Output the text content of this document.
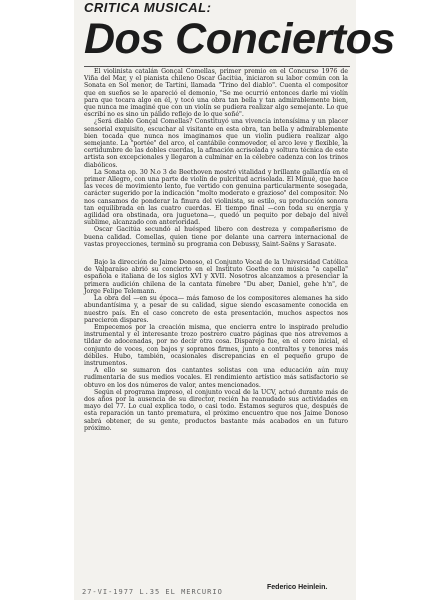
CRITICA MUSICAL:
Dos Conciertos

El violinista catalán Gonçal Comellas, primer premio en el Concurso 1976 de Viña del Mar, y el pianista chileno Oscar Gacitúa, iniciaron su labor común con la Sonata en Sol menor, de Tartini, llamada "Trino del diablo". Cuenta el compositor que en sueños se le apareció el demonio, "Se me ocurrió entonces darle mi violín para que tocara algo en él, y tocó una obra tan bella y tan admirablemente bien, que nunca me imaginé que con un violín se pudiera realizar algo semejante. Lo que escribí no es sino un pálido reflejo de lo que soñé".

¿Será diablo Gonçal Comellas? Constituyó una vivencia intensísima y un placer sensorial exquisito, escuchar al visitante en esta obra, tan bella y admirablemente bien tocada que nunca nos imaginamos que un violín pudiera realizar algo semejante. La "portée" del arco, el cantábile conmovedor, el arco leve y flexible, la certidumbre de las dobles cuerdas, la afinación acrisolada y soltura técnica de este artista son excepcionales y llegaron a culminar en la célebre cadenza con los trinos diabólicos.

La Sonata op. 30 N.o 3 de Beethoven mostró vitalidad y brillante gallardía en el primer Allegro, con una parte de violín de pulcritud acrisolada. El Minué, que hace las veces de movimiento lento, fue vertido con genuina particularmente sosegada, carácter sugerido por la indicación "molto moderato e grazioso" del compositor. No nos cansamos de ponderar la finura del violinista, su estilo, su producción sonora tan equilibrada en las cuatro cuerdas. El tiempo final —con toda su energía y agilidad ora obstinada, ora juguetona—, quedó un pequito por debajo del nivel sublime, alcanzado con anterioridad.

Oscar Gacitúa secundó al huésped libero con destreza y compañerismo de buena calidad. Comellas, quien tiene por delante una carrera internacional de vastas proyecciones, terminó su programa con Debussy, Saint-Saëns y Sarasate.

Bajo la dirección de Jaime Donoso, el Conjunto Vocal de la Universidad Católica de Valparaíso abrió su concierto en el Instituto Goethe con música "a capella" española e italiana de los siglos XVI y XVII. Nosotros alcanzamos a presenciar la primera audición chilena de la cantata fúnebre "Du aber, Daniel, gehe h'n", de Jorge Felipe Telemann.

La obra del —en su época— más famoso de los compositores alemanes ha sido abundantísima y, a pesar de su calidad, sigue siendo escasamente conocida en nuestro país. En el caso concreto de esta presentación, muchos aspectos nos parecieron dispares.

Empecemos por la creación misma, que encierra entre lo inspirado preludio instrumental y el interesante trozo postrero cuatro páginas que nos atrevemos a tildar de adocenadas, por no decir otra cosa. Disparejo fue, en el coro inicial, el conjunto de voces, con bajos y sopranos firmes, junto a contraltos y tenores más débiles. Hubo, también, ocasionales discrepancias en el pequeño grupo de instrumentos.

A ello se sumaron dos cantantes solistas con una educación aún muy rudimentaria de sus medios vocales. El rendimiento artístico más satisfactorio se obtuvo en los dos números de valor, antes mencionados.

Según el programa impreso, el conjunto vocal de la UCV, actuó durante más de dos años por la ausencia de su director, recién ha reanudado sus actividades en mayo del 77. Lo cual explica todo, o casi todo. Estamos seguros que, después de esta reparación un tanto prematura, el próximo encuentro que nos Jaime Donoso sabrá obtener, de su gente, productos bastante más acabados en un futuro próximo.

Federico Heinlein.
27-VI-1977 L.35 EL MERCURIO
